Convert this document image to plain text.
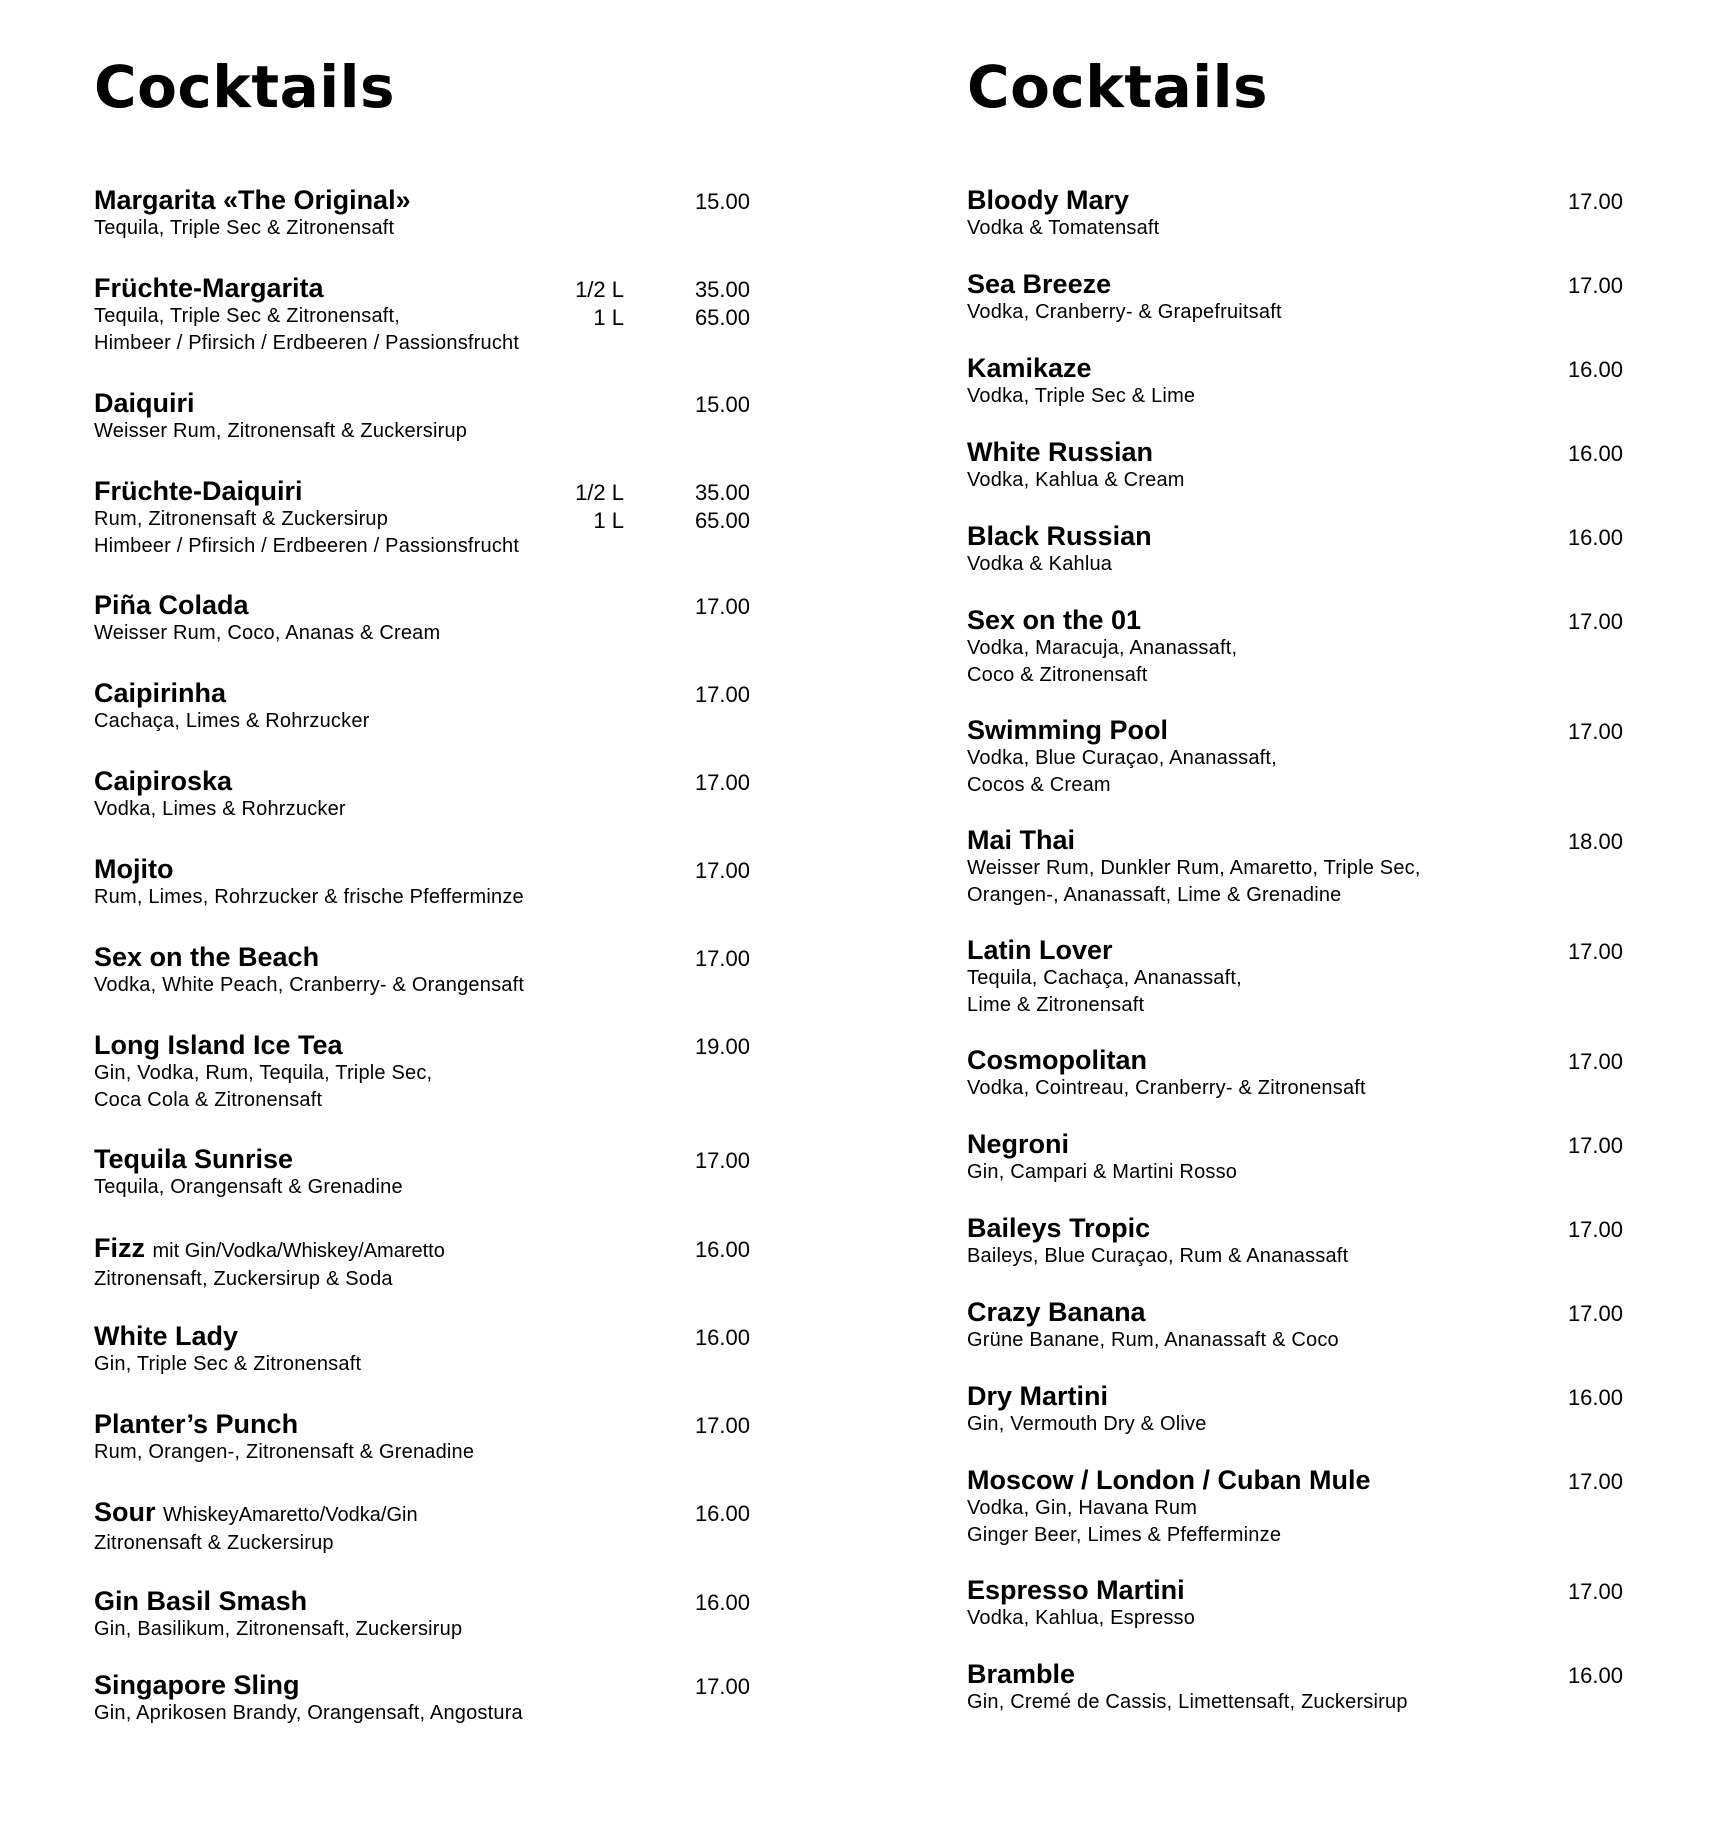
Cocktails
Margarita «The Original»
Tequila, Triple Sec & Zitronensaft
15.00
Früchte-Margarita
Tequila, Triple Sec & Zitronensaft,
Himbeer / Pfirsich / Erdbeeren / Passionsfrucht
1/2 L
1 L
35.00
65.00
Daiquiri
Weisser Rum, Zitronensaft & Zuckersirup
15.00
Früchte-Daiquiri
Rum, Zitronensaft & Zuckersirup
Himbeer / Pfirsich / Erdbeeren / Passionsfrucht
1/2 L
1 L
35.00
65.00
Piña Colada
Weisser Rum, Coco, Ananas & Cream
17.00
Caipirinha
Cachaça, Limes & Rohrzucker
17.00
Caipiroska
Vodka, Limes & Rohrzucker
17.00
Mojito
Rum, Limes, Rohrzucker & frische Pfefferminze
17.00
Sex on the Beach
Vodka, White Peach, Cranberry- & Orangensaft
17.00
Long Island Ice Tea
Gin, Vodka, Rum, Tequila, Triple Sec,
Coca Cola & Zitronensaft
19.00
Tequila Sunrise
Tequila, Orangensaft & Grenadine
17.00
Fizz mit Gin/Vodka/Whiskey/Amaretto
Zitronensaft, Zuckersirup & Soda
16.00
White Lady
Gin, Triple Sec & Zitronensaft
16.00
Planter’s Punch
Rum, Orangen-, Zitronensaft & Grenadine
17.00
Sour WhiskeyAmaretto/Vodka/Gin
Zitronensaft & Zuckersirup
16.00
Gin Basil Smash
Gin, Basilikum, Zitronensaft, Zuckersirup
16.00
Singapore Sling
Gin, Aprikosen Brandy, Orangensaft, Angostura
17.00
Cocktails
Bloody Mary
Vodka & Tomatensaft
17.00
Sea Breeze
Vodka, Cranberry- & Grapefruitsaft
17.00
Kamikaze
Vodka, Triple Sec & Lime
16.00
White Russian
Vodka, Kahlua & Cream
16.00
Black Russian
Vodka & Kahlua
16.00
Sex on the 01
Vodka, Maracuja, Ananassaft,
Coco & Zitronensaft
17.00
Swimming Pool
Vodka, Blue Curaçao, Ananassaft,
Cocos & Cream
17.00
Mai Thai
Weisser Rum, Dunkler Rum, Amaretto, Triple Sec,
Orangen-, Ananassaft, Lime & Grenadine
18.00
Latin Lover
Tequila, Cachaça, Ananassaft,
Lime & Zitronensaft
17.00
Cosmopolitan
Vodka, Cointreau, Cranberry- & Zitronensaft
17.00
Negroni
Gin, Campari & Martini Rosso
17.00
Baileys Tropic
Baileys, Blue Curaçao, Rum & Ananassaft
17.00
Crazy Banana
Grüne Banane, Rum, Ananassaft & Coco
17.00
Dry Martini
Gin, Vermouth Dry & Olive
16.00
Moscow / London / Cuban Mule
Vodka, Gin, Havana Rum
Ginger Beer, Limes & Pfefferminze
17.00
Espresso Martini
Vodka, Kahlua, Espresso
17.00
Bramble
Gin, Cremé de Cassis, Limettensaft, Zuckersirup
16.00
